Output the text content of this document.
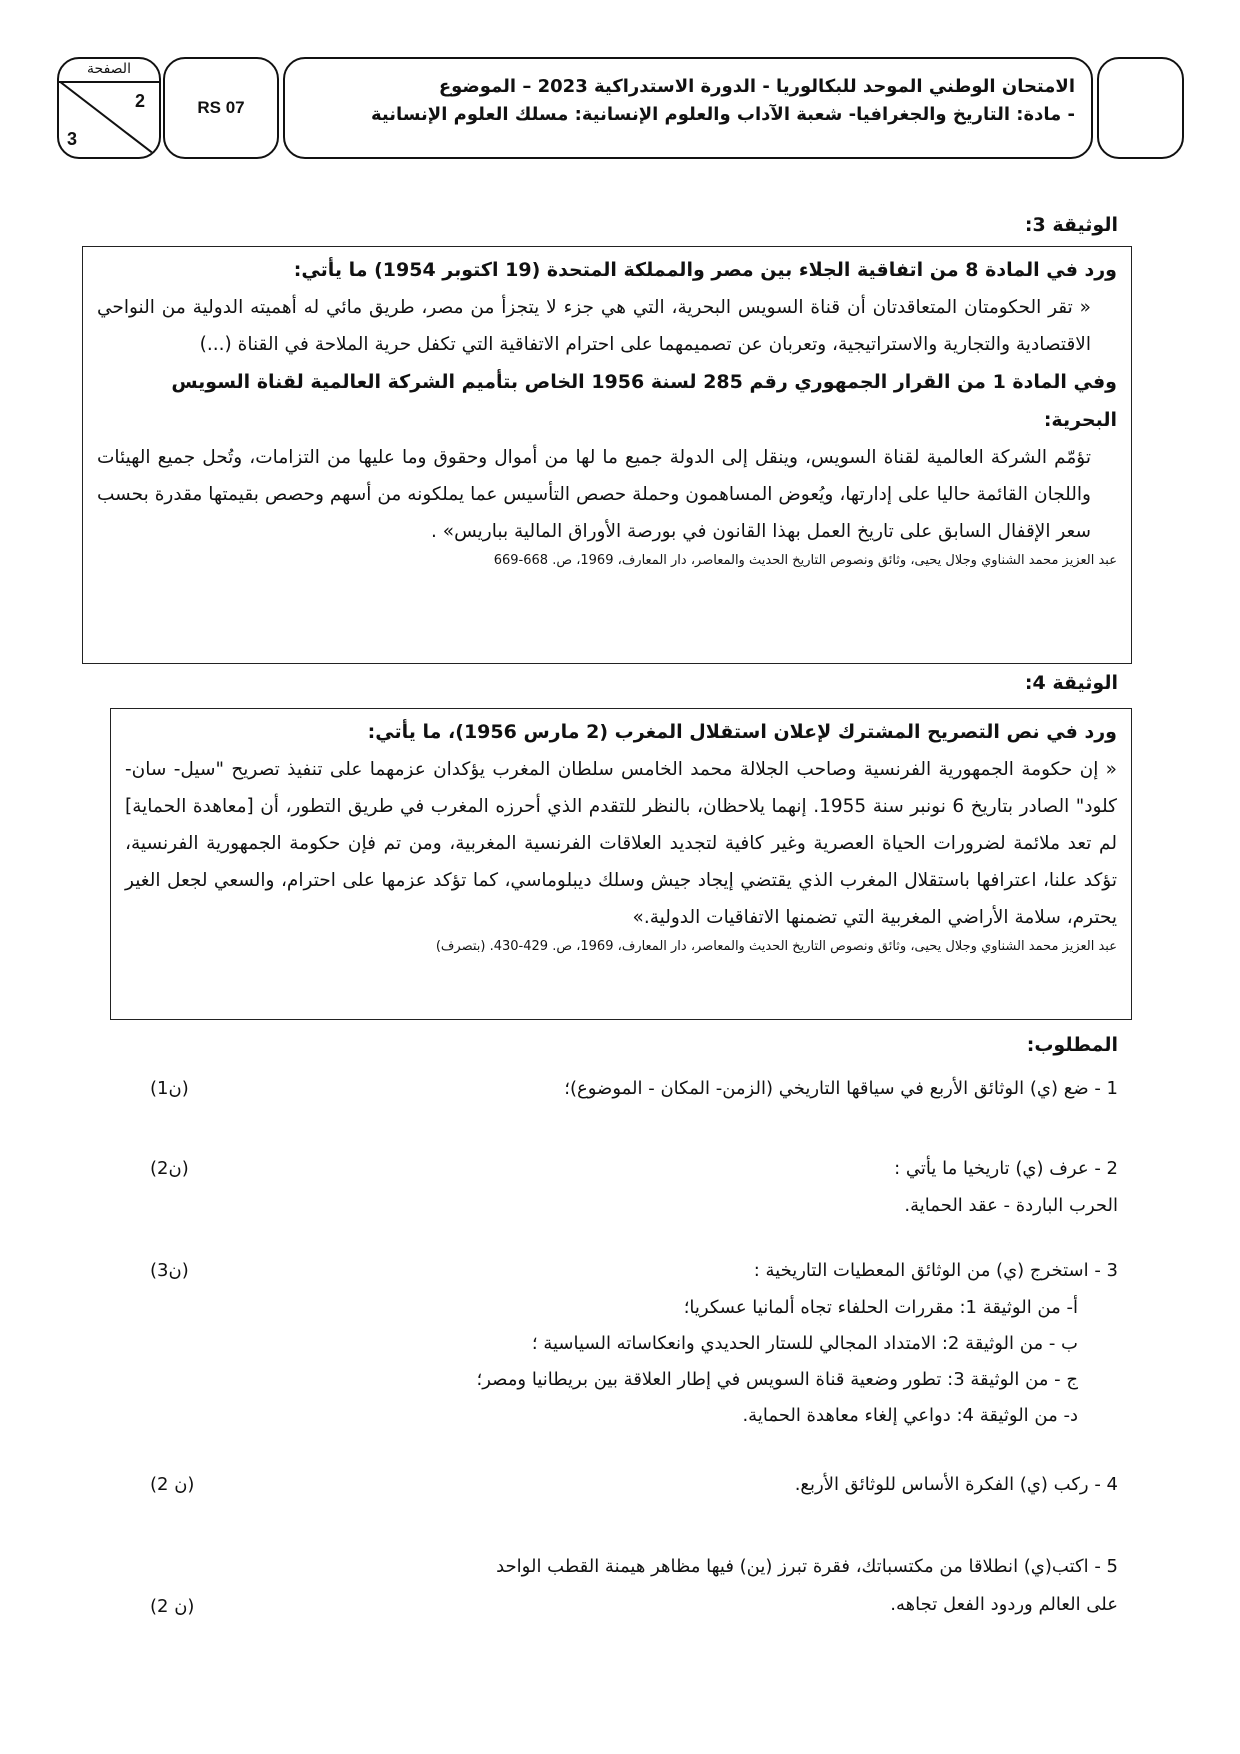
الصفحة
2
3
RS 07
الامتحان الوطني الموحد للبكالوريا - الدورة الاستدراكية 2023 – الموضوع
- مادة: التاريخ والجغرافيا- شعبة الآداب والعلوم الإنسانية: مسلك العلوم الإنسانية
الوثيقة 3:
ورد في المادة 8 من اتفاقية الجلاء بين مصر والمملكة المتحدة (19 اكتوبر 1954) ما يأتي:
« تقر الحكومتان المتعاقدتان أن قناة السويس البحرية، التي هي جزء لا يتجزأ من مصر، طريق مائي له أهميته الدولية من النواحي الاقتصادية والتجارية والاستراتيجية، وتعربان عن تصميمهما على احترام الاتفاقية التي تكفل حرية الملاحة في القناة (...)
وفي المادة 1 من القرار الجمهوري رقم 285 لسنة 1956 الخاص بتأميم الشركة العالمية لقناة السويس البحرية:
تؤمّم الشركة العالمية لقناة السويس، وينقل إلى الدولة جميع ما لها من أموال وحقوق وما عليها من التزامات، وتُحل جميع الهيئات واللجان القائمة حاليا على إدارتها، ويُعوض المساهمون وحملة حصص التأسيس عما يملكونه من أسهم وحصص بقيمتها مقدرة بحسب سعر الإقفال السابق على تاريخ العمل بهذا القانون في بورصة الأوراق المالية بباريس» .
عبد العزيز محمد الشناوي وجلال يحيى، وثائق ونصوص التاريخ الحديث والمعاصر، دار المعارف، 1969، ص. 668-669
الوثيقة 4:
ورد في نص التصريح المشترك لإعلان استقلال المغرب (2 مارس 1956)، ما يأتي:
« إن حكومة الجمهورية الفرنسية وصاحب الجلالة محمد الخامس سلطان المغرب يؤكدان عزمهما على تنفيذ تصريح "سيل- سان- كلود" الصادر بتاريخ 6 نونبر سنة 1955. إنهما يلاحظان، بالنظر للتقدم الذي أحرزه المغرب في طريق التطور، أن [معاهدة الحماية] لم تعد ملائمة لضرورات الحياة العصرية وغير كافية لتجديد العلاقات الفرنسية المغربية، ومن تم فإن حكومة الجمهورية الفرنسية، تؤكد علنا، اعترافها باستقلال المغرب الذي يقتضي إيجاد جيش وسلك ديبلوماسي، كما تؤكد عزمها على احترام، والسعي لجعل الغير يحترم، سلامة الأراضي المغربية التي تضمنها الاتفاقيات الدولية.»
عبد العزيز محمد الشناوي وجلال يحيى، وثائق ونصوص التاريخ الحديث والمعاصر، دار المعارف، 1969، ص. 429-430. (بتصرف)
المطلوب:
1 - ضع (ي) الوثائق الأربع في سياقها التاريخي (الزمن- المكان - الموضوع)؛
(1ن)
2 - عرف (ي) تاريخيا ما يأتي :
الحرب الباردة - عقد الحماية.
(2ن)
3 - استخرج (ي) من الوثائق المعطيات التاريخية :
أ- من الوثيقة 1: مقررات الحلفاء تجاه ألمانيا عسكريا؛
ب - من الوثيقة 2: الامتداد المجالي للستار الحديدي وانعكاساته السياسية ؛
ج - من الوثيقة 3: تطور وضعية قناة السويس في إطار العلاقة بين بريطانيا ومصر؛
د- من الوثيقة 4: دواعي إلغاء معاهدة الحماية.
(3ن)
4 - ركب (ي) الفكرة الأساس للوثائق الأربع.
(2 ن)
5 - اكتب(ي) انطلاقا من مكتسباتك، فقرة تبرز (ين) فيها مظاهر هيمنة القطب الواحد
على العالم وردود الفعل تجاهه.
(2 ن)
